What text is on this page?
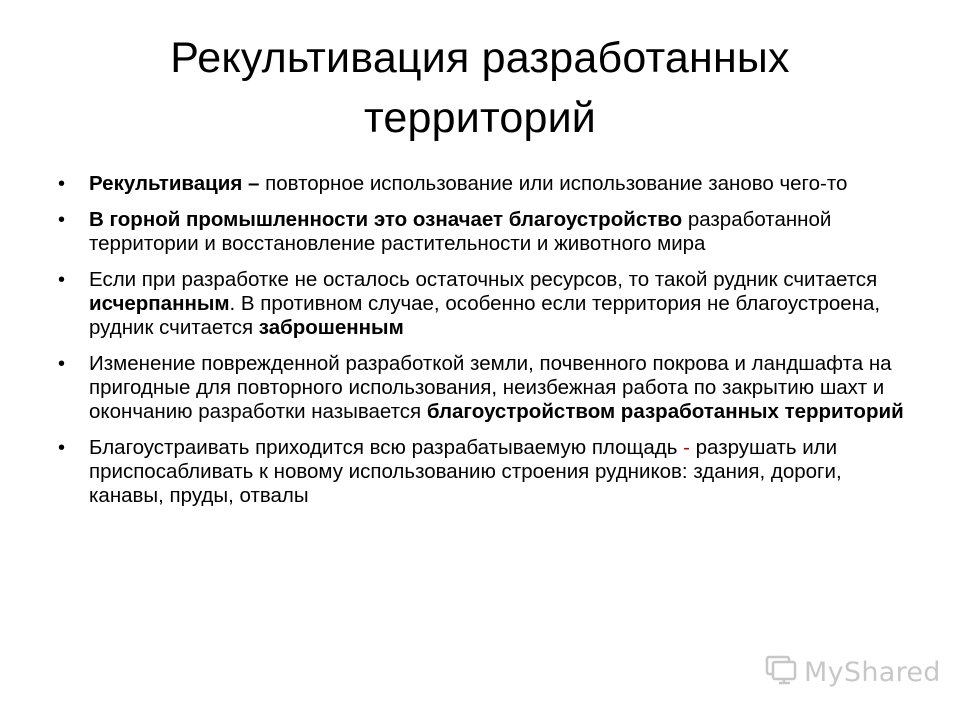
Рекультивация разработанных территорий
• Рекультивация – повторное использование или использование заново чего-то
• В горной промышленности это означает благоустройство разработанной территории и восстановление растительности и животного мира
• Если при разработке не осталось остаточных ресурсов, то такой рудник считается исчерпанным. В противном случае, особенно если территория не благоустроена, рудник считается заброшенным
• Изменение поврежденной разработкой земли, почвенного покрова и ландшафта на пригодные для повторного использования, неизбежная работа по закрытию шахт и окончанию разработки называется благоустройством разработанных территорий
• Благоустраивать приходится всю разрабатываемую площадь - разрушать или приспосабливать к новому использованию строения рудников: здания, дороги, канавы, пруды, отвалы
MyShared
